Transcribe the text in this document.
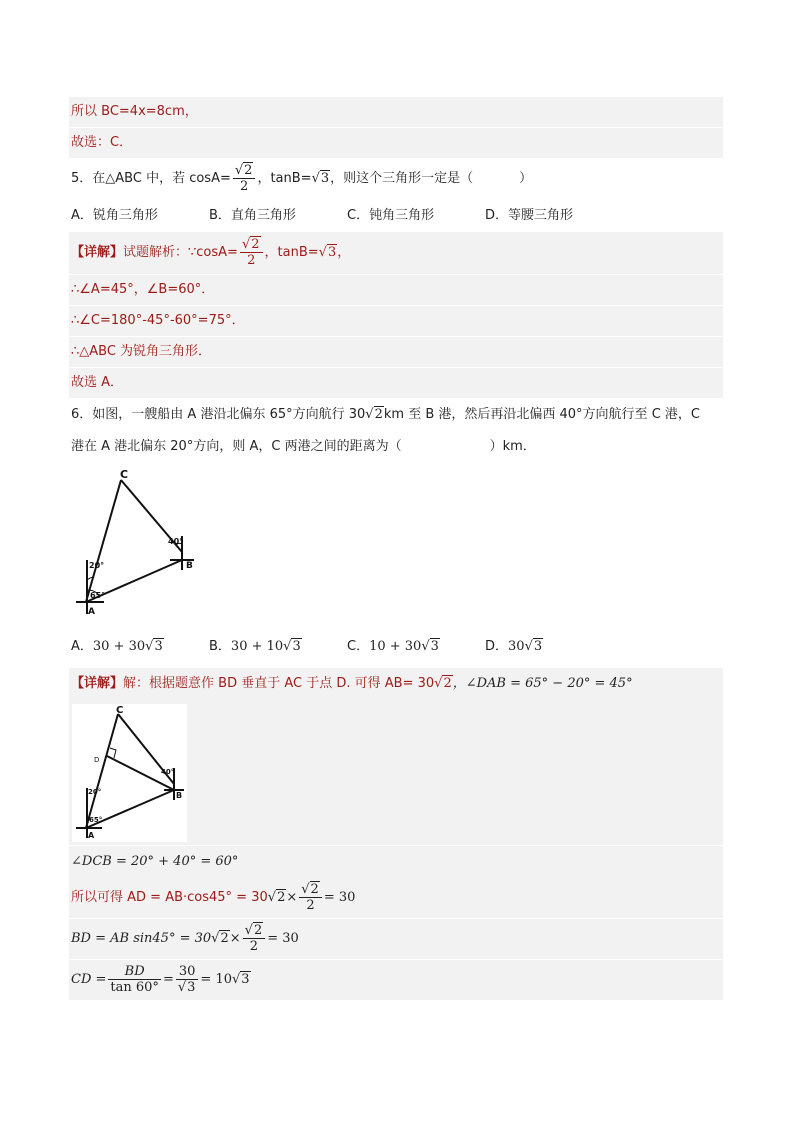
所以 BC=4x=8cm，
故选：C．
5．在△ABC 中，若 $\cos A= \frac{√2}{2}$ ，tanB=√3，则这个三角形一定是（	）
A．锐角三角形	B．直角三角形	C．钝角三角形	D．等腰三角形
【详解】试题解析：∵cosA= $\frac{√2}{2}$ ，tanB=√3，
∴∠A=45°，∠B=60°．
∴∠C=180°-45°-60°=75°．
∴△ABC 为锐角三角形．
故选 A．
6．如图，一艘船由 A 港沿北偏东 65°方向航行 30√2km 至 B 港，然后再沿北偏西 40°方向航行至 C 港，C
港在 A 港北偏东 20°方向，则 A，C 两港之间的距离为（	）km．
C
B
A
40°
20°
65°
A．30 + 30√3	B．30 + 10√3	C．10 + 30√3	D．30√3
【详解】解：根据题意作 BD 垂直于 AC 于点 D. 可得 AB= 30√2，∠DAB = 65° − 20° = 45°
C
D
B
A
40°
20°
65°
∠DCB = 20° + 40° = 60°
所以可得 AD = $AB\cdot\cos 45^\circ = 30√2\times \frac{√2}{2} = 30$
BD = AB $\sin 45^\circ = 30√2\times \frac{√2}{2} = 30$
CD = $\frac{BD}{\tan 60^\circ} = \frac{30}{√3} = 10√3$
